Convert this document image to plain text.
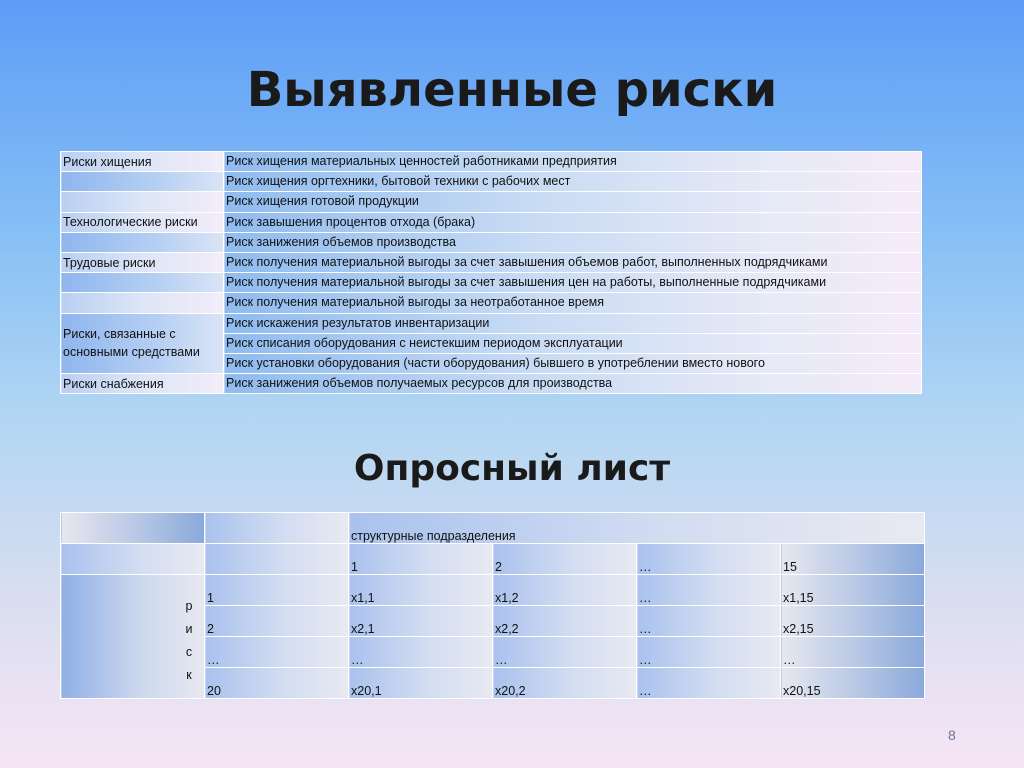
Выявленные риски
Риски хищения	Риск хищения материальных ценностей работниками предприятия
	Риск хищения оргтехники, бытовой техники с рабочих мест
	Риск хищения готовой продукции
Технологические риски	Риск завышения процентов отхода (брака)
	Риск занижения объемов производства
Трудовые риски	Риск получения материальной выгоды за счет завышения объемов работ, выполненных подрядчиками
	Риск получения материальной выгоды за счет завышения цен на работы, выполненные подрядчиками
	Риск получения материальной выгоды за неотработанное время
Риски, связанные с основными средствами	Риск искажения результатов инвентаризации
	Риск списания оборудования с неистекшим периодом эксплуатации
	Риск установки оборудования (части оборудования) бывшего в употреблении вместо нового
Риски снабжения	Риск занижения объемов получаемых ресурсов для производства
Опросный лист
		структурные подразделения			
		1	2	…	15

р
и
с
к	1	x1,1	x1,2	…	x1,15
	2	x2,1	x2,2	…	x2,15
	…	…	…	…	…
	20	x20,1	x20,2	…	x20,15
8
